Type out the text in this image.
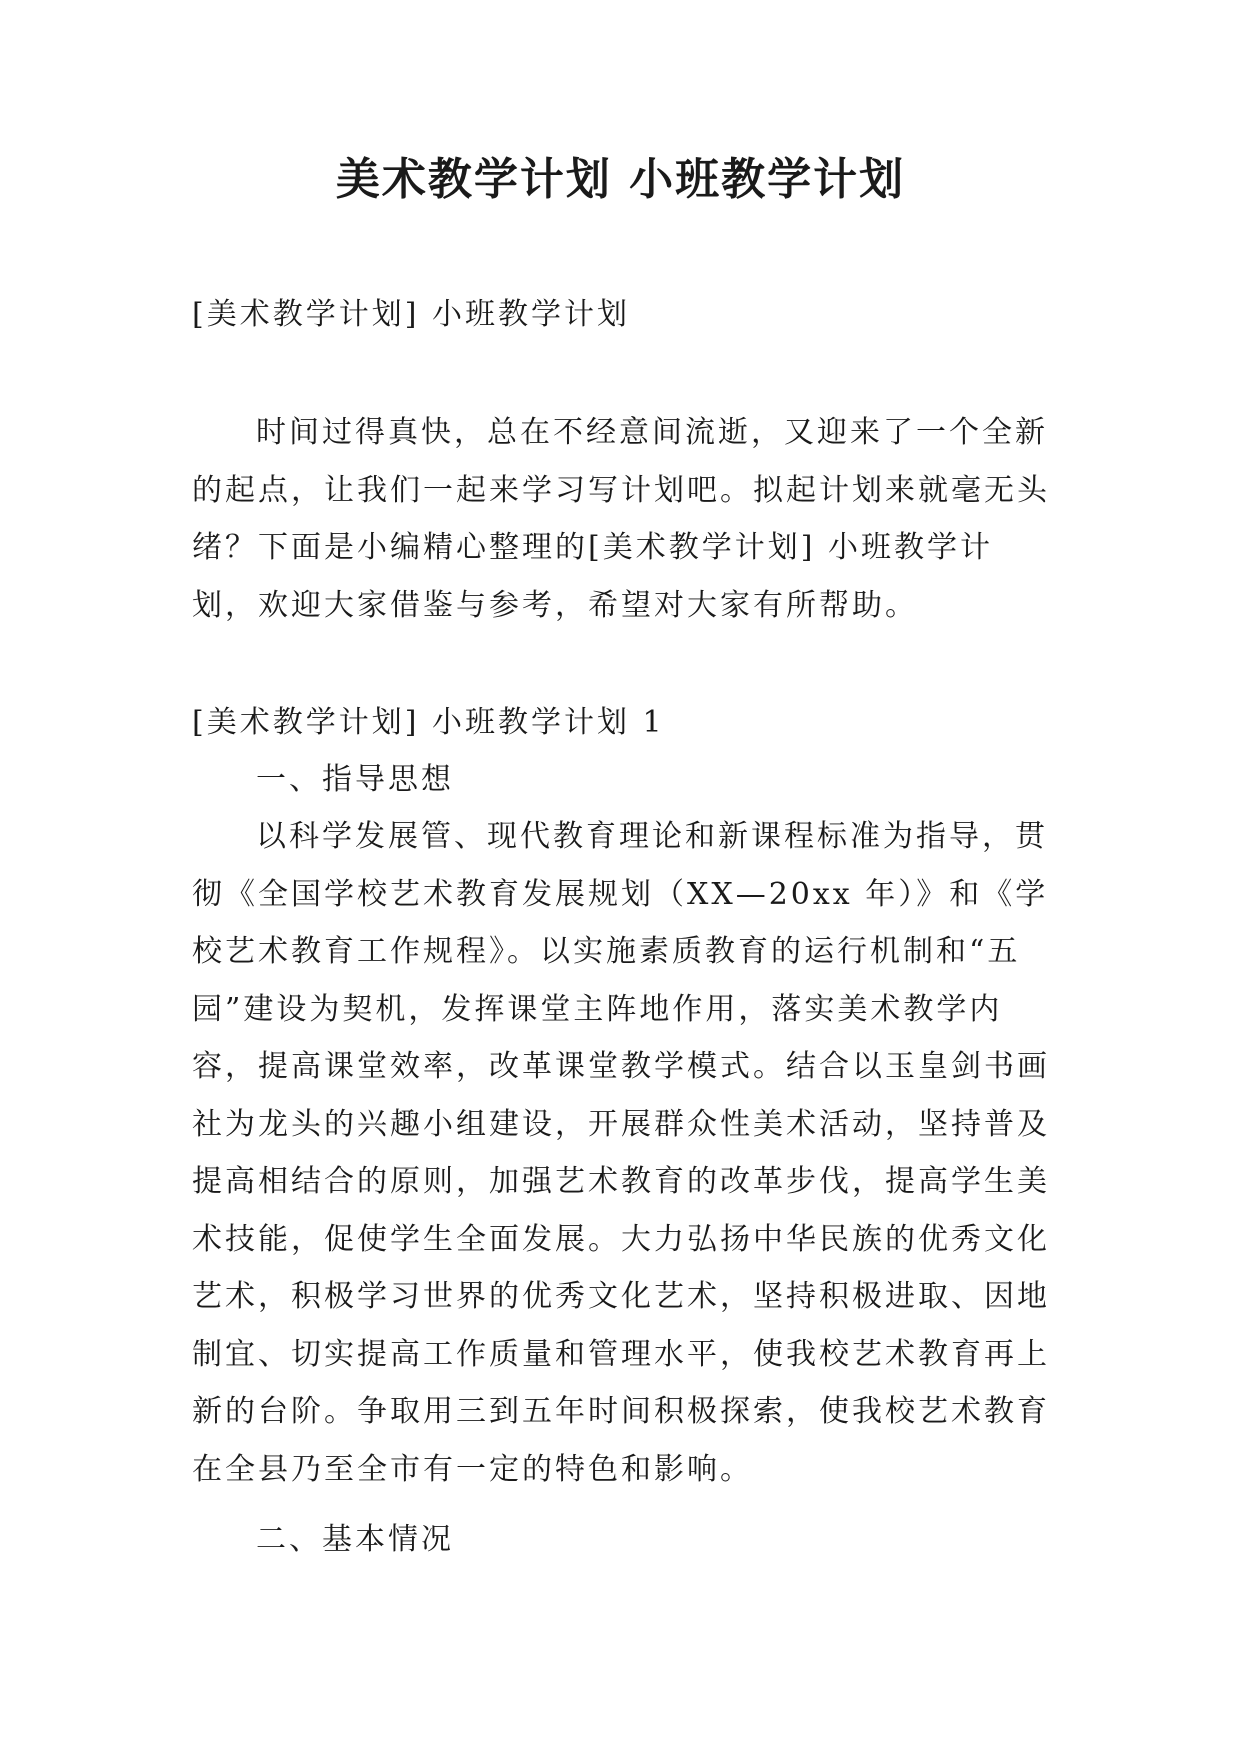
美术教学计划 小班教学计划

[美术教学计划] 小班教学计划

时间过得真快，总在不经意间流逝，又迎来了一个全新的起点，让我们一起来学习写计划吧。拟起计划来就毫无头绪？下面是小编精心整理的[美术教学计划] 小班教学计划，欢迎大家借鉴与参考，希望对大家有所帮助。

[美术教学计划] 小班教学计划 1

一、指导思想

以科学发展管、现代教育理论和新课程标准为指导，贯彻《全国学校艺术教育发展规划（XX—20xx 年）》和《学校艺术教育工作规程》。以实施素质教育的运行机制和“五园”建设为契机，发挥课堂主阵地作用，落实美术教学内容，提高课堂效率，改革课堂教学模式。结合以玉皇剑书画社为龙头的兴趣小组建设，开展群众性美术活动，坚持普及提高相结合的原则，加强艺术教育的改革步伐，提高学生美术技能，促使学生全面发展。大力弘扬中华民族的优秀文化艺术，积极学习世界的优秀文化艺术，坚持积极进取、因地制宜、切实提高工作质量和管理水平，使我校艺术教育再上新的台阶。争取用三到五年时间积极探索，使我校艺术教育在全县乃至全市有一定的特色和影响。

二、基本情况
